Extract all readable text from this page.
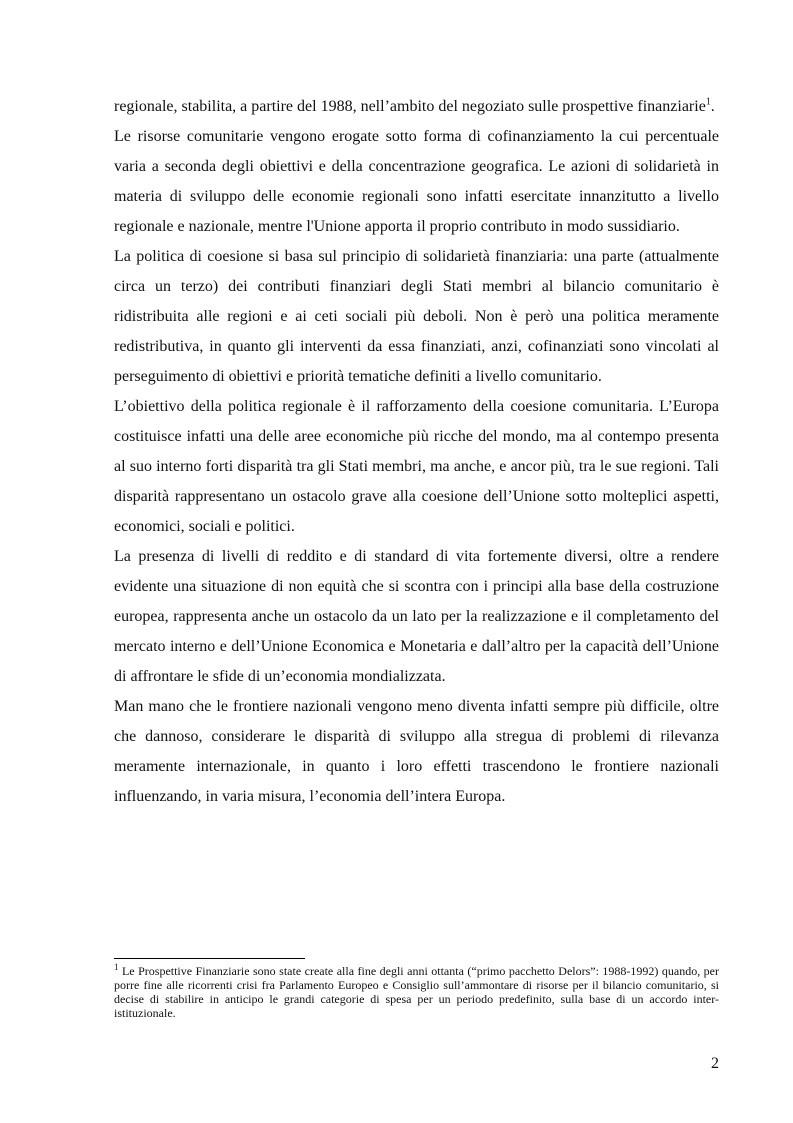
regionale, stabilita, a partire del 1988, nell’ambito del negoziato sulle prospettive finanziarie$^1$.

Le risorse comunitarie vengono erogate sotto forma di cofinanziamento la cui percentuale varia a seconda degli obiettivi e della concentrazione geografica. Le azioni di solidarietà in materia di sviluppo delle economie regionali sono infatti esercitate innanzitutto a livello regionale e nazionale, mentre l'Unione apporta il proprio contributo in modo sussidiario.

La politica di coesione si basa sul principio di solidarietà finanziaria: una parte (attualmente circa un terzo) dei contributi finanziari degli Stati membri al bilancio comunitario è ridistribuita alle regioni e ai ceti sociali più deboli. Non è però una politica meramente redistributiva, in quanto gli interventi da essa finanziati, anzi, cofinanziati sono vincolati al perseguimento di obiettivi e priorità tematiche definiti a livello comunitario.

L’obiettivo della politica regionale è il rafforzamento della coesione comunitaria. L’Europa costituisce infatti una delle aree economiche più ricche del mondo, ma al contempo presenta al suo interno forti disparità tra gli Stati membri, ma anche, e ancor più, tra le sue regioni. Tali disparità rappresentano un ostacolo grave alla coesione dell’Unione sotto molteplici aspetti, economici, sociali e politici.

La presenza di livelli di reddito e di standard di vita fortemente diversi, oltre a rendere evidente una situazione di non equità che si scontra con i principi alla base della costruzione europea, rappresenta anche un ostacolo da un lato per la realizzazione e il completamento del mercato interno e dell’Unione Economica e Monetaria e dall’altro per la capacità dell’Unione di affrontare le sfide di un’economia mondializzata.

Man mano che le frontiere nazionali vengono meno diventa infatti sempre più difficile, oltre che dannoso, considerare le disparità di sviluppo alla stregua di problemi di rilevanza meramente internazionale, in quanto i loro effetti trascendono le frontiere nazionali influenzando, in varia misura, l’economia dell’intera Europa.

$^1$ Le Prospettive Finanziarie sono state create alla fine degli anni ottanta (“primo pacchetto Delors”: 1988-1992) quando, per porre fine alle ricorrenti crisi fra Parlamento Europeo e Consiglio sull’ammontare di risorse per il bilancio comunitario, si decise di stabilire in anticipo le grandi categorie di spesa per un periodo predefinito, sulla base di un accordo inter-istituzionale.

2
